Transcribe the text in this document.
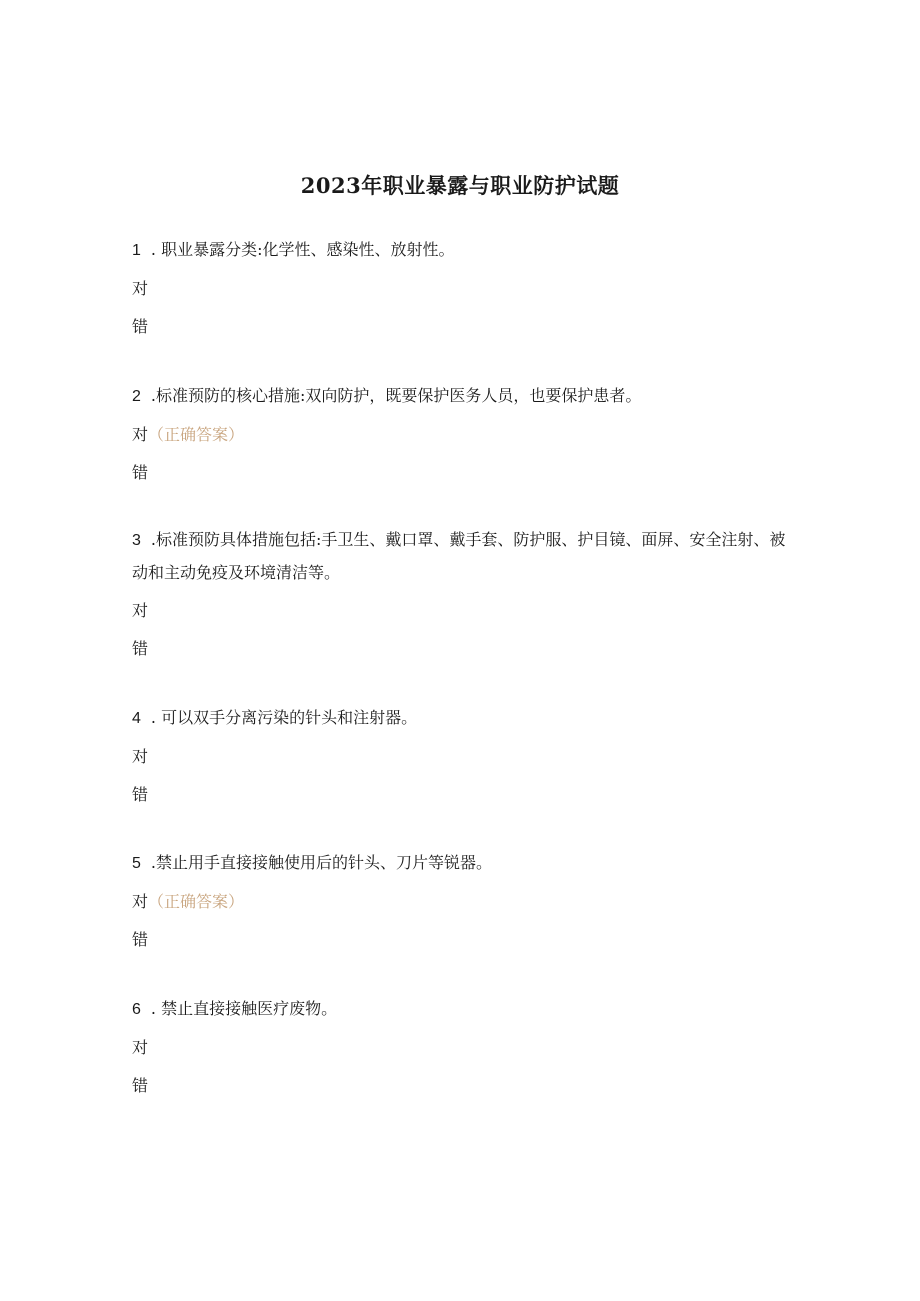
2023年职业暴露与职业防护试题

1 . 职业暴露分类:化学性、感染性、放射性。

对

错

2 .标准预防的核心措施:双向防护，既要保护医务人员，也要保护患者。

对（正确答案）

错

3 .标准预防具体措施包括:手卫生、戴口罩、戴手套、防护服、护目镜、面屏、安全注射、被动和主动免疫及环境清洁等。

对

错

4 . 可以双手分离污染的针头和注射器。

对

错

5 .禁止用手直接接触使用后的针头、刀片等锐器。

对（正确答案）

错

6 . 禁止直接接触医疗废物。

对

错
